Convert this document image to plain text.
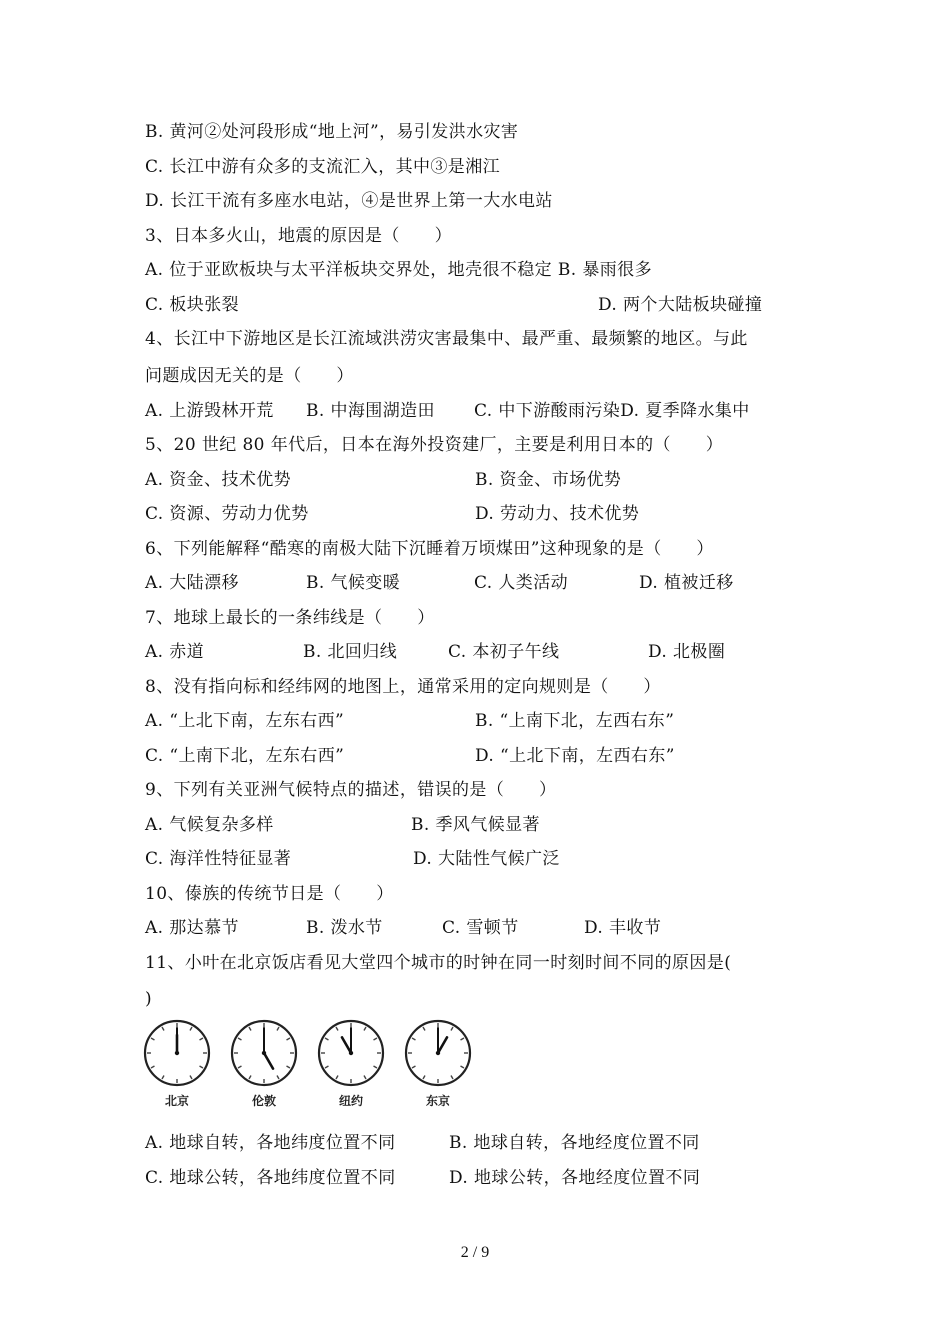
B. 黄河②处河段形成“地上河”，易引发洪水灾害
C. 长江中游有众多的支流汇入，其中③是湘江
D. 长江干流有多座水电站，④是世界上第一大水电站
3、日本多火山，地震的原因是（　　）
A. 位于亚欧板块与太平洋板块交界处，地壳很不稳定 B. 暴雨很多
C. 板块张裂	D. 两个大陆板块碰撞
4、长江中下游地区是长江流域洪涝灾害最集中、最严重、最频繁的地区。与此
问题成因无关的是（　　）
A. 上游毁林开荒 B. 中海围湖造田 C. 中下游酸雨污染D. 夏季降水集中
5、20 世纪 80 年代后，日本在海外投资建厂，主要是利用日本的（　　）
A. 资金、技术优势	B. 资金、市场优势
C. 资源、劳动力优势	D. 劳动力、技术优势
6、下列能解释“酷寒的南极大陆下沉睡着万顷煤田”这种现象的是（　　）
A. 大陆漂移	B. 气候变暖	C. 人类活动	D. 植被迁移
7、地球上最长的一条纬线是（　　）
A. 赤道	B. 北回归线	C. 本初子午线	D. 北极圈
8、没有指向标和经纬网的地图上，通常采用的定向规则是（　　）
A. “上北下南，左东右西”	B. “上南下北，左西右东”
C. “上南下北，左东右西”	D. “上北下南，左西右东”
9、下列有关亚洲气候特点的描述，错误的是（　　）
A. 气候复杂多样	B. 季风气候显著
C. 海洋性特征显著	D. 大陆性气候广泛
10、傣族的传统节日是（　　）
A. 那达慕节	B. 泼水节	C. 雪顿节	D. 丰收节
11、小叶在北京饭店看见大堂四个城市的时钟在同一时刻时间不同的原因是(
)
A. 地球自转，各地纬度位置不同	B. 地球自转，各地经度位置不同
C. 地球公转，各地纬度位置不同	D. 地球公转，各地经度位置不同
北京	伦敦	纽约	东京
2 / 9
